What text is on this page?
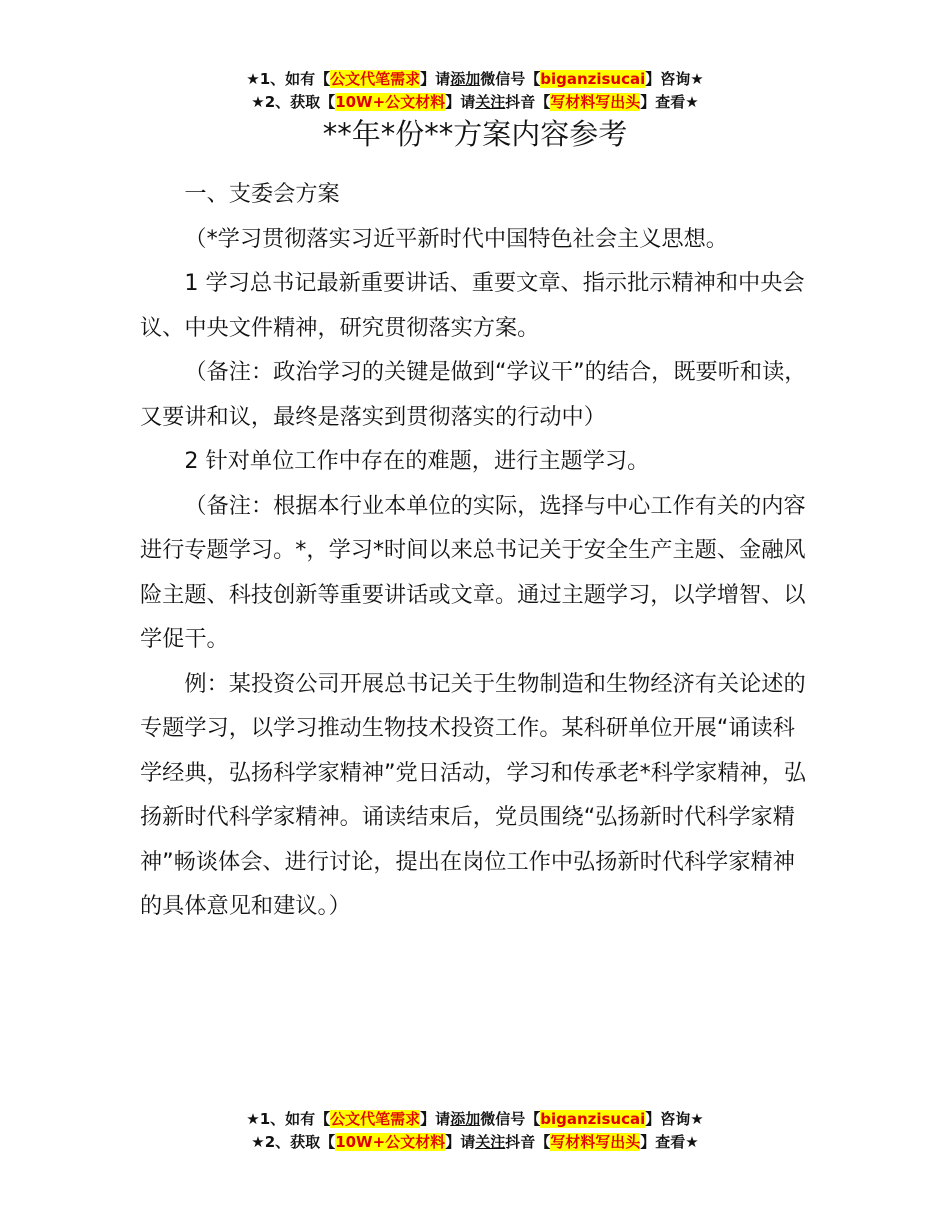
★1、如有【公文代笔需求】请添加微信号【biganzisucai】咨询★
★2、获取【10W+公文材料】请关注抖音【写材料写出头】查看★
**年*份**方案内容参考

一、支委会方案

（*学习贯彻落实习近平新时代中国特色社会主义思想。

1 学习总书记最新重要讲话、重要文章、指示批示精神和中央会议、中央文件精神，研究贯彻落实方案。

（备注：政治学习的关键是做到“学议干”的结合，既要听和读，又要讲和议，最终是落实到贯彻落实的行动中）

2 针对单位工作中存在的难题，进行主题学习。

（备注：根据本行业本单位的实际，选择与中心工作有关的内容进行专题学习。*，学习*时间以来总书记关于安全生产主题、金融风险主题、科技创新等重要讲话或文章。通过主题学习，以学增智、以学促干。

例：某投资公司开展总书记关于生物制造和生物经济有关论述的专题学习，以学习推动生物技术投资工作。某科研单位开展“诵读科学经典，弘扬科学家精神”党日活动，学习和传承老*科学家精神，弘扬新时代科学家精神。诵读结束后，党员围绕“弘扬新时代科学家精神”畅谈体会、进行讨论，提出在岗位工作中弘扬新时代科学家精神的具体意见和建议。）

★1、如有【公文代笔需求】请添加微信号【biganzisucai】咨询★
★2、获取【10W+公文材料】请关注抖音【写材料写出头】查看★
